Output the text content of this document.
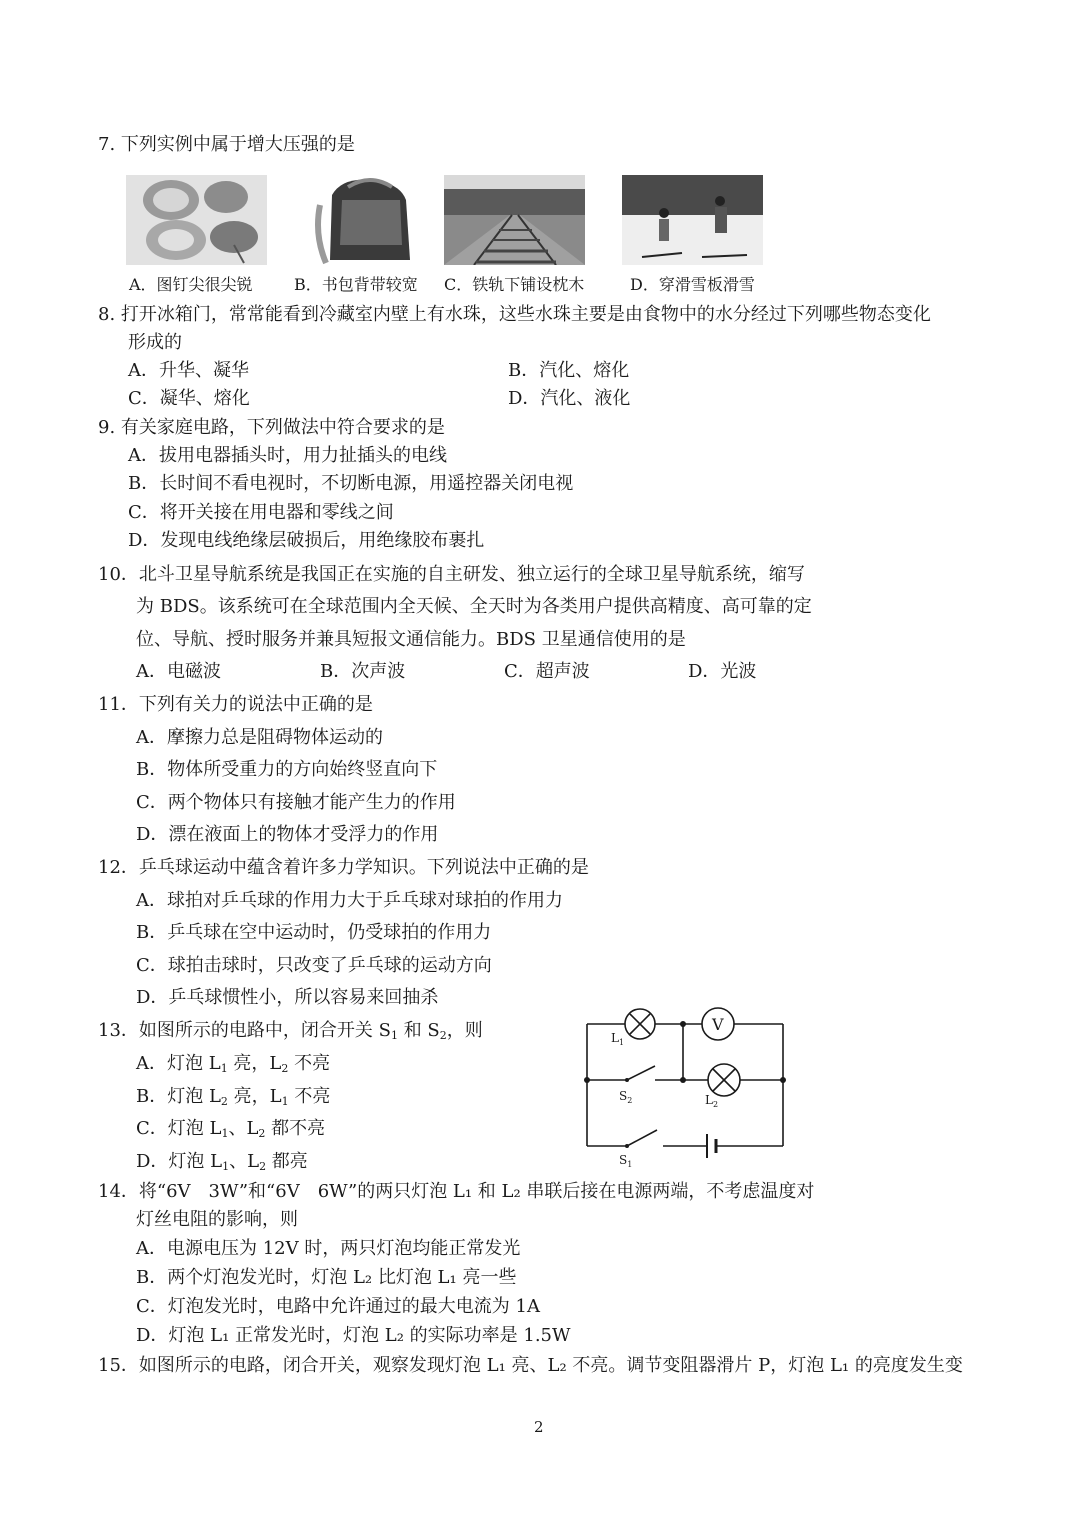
7. 下列实例中属于增大压强的是
A．图钉尖很尖锐	B．书包背带较宽 C．铁轨下铺设枕木	D．穿滑雪板滑雪
8. 打开冰箱门，常常能看到冷藏室内壁上有水珠，这些水珠主要是由食物中的水分经过下列哪些物态变化
形成的
A．升华、凝华	B．汽化、熔化
C．凝华、熔化	D．汽化、液化
9. 有关家庭电路，下列做法中符合要求的是
A．拔用电器插头时，用力扯插头的电线
B．长时间不看电视时，不切断电源，用遥控器关闭电视
C．将开关接在用电器和零线之间
D．发现电线绝缘层破损后，用绝缘胶布裹扎
10．北斗卫星导航系统是我国正在实施的自主研发、独立运行的全球卫星导航系统，缩写
为 BDS。该系统可在全球范围内全天候、全天时为各类用户提供高精度、高可靠的定
位、导航、授时服务并兼具短报文通信能力。BDS 卫星通信使用的是
A．电磁波	B．次声波	C．超声波	D．光波
11．下列有关力的说法中正确的是
A．摩擦力总是阻碍物体运动的
B．物体所受重力的方向始终竖直向下
C．两个物体只有接触才能产生力的作用
D．漂在液面上的物体才受浮力的作用
12．乒乓球运动中蕴含着许多力学知识。下列说法中正确的是
A．球拍对乒乓球的作用力大于乒乓球对球拍的作用力
B．乒乓球在空中运动时，仍受球拍的作用力
C．球拍击球时，只改变了乒乓球的运动方向
D．乒乓球惯性小，所以容易来回抽杀
13．如图所示的电路中，闭合开关 $S_1$ 和 $S_2$，则
A．灯泡 $L_1$ 亮，$L_2$ 不亮
B．灯泡 $L_2$ 亮，$L_1$ 不亮
C．灯泡 $L_1$、$L_2$ 都不亮
D．灯泡 $L_1$、$L_2$ 都亮
V
$L_1$
$L_2$
$S_2$
$S_1$
14．将“6V　3W”和“6V　6W”的两只灯泡 L₁ 和 L₂ 串联后接在电源两端，不考虑温度对
灯丝电阻的影响，则
A．电源电压为 12V 时，两只灯泡均能正常发光
B．两个灯泡发光时，灯泡 L₂ 比灯泡 L₁ 亮一些
C．灯泡发光时，电路中允许通过的最大电流为 1A
D．灯泡 L₁ 正常发光时，灯泡 L₂ 的实际功率是 1.5W
15．如图所示的电路，闭合开关，观察发现灯泡 L₁ 亮、L₂ 不亮。调节变阻器滑片 P，灯泡 L₁ 的亮度发生变
2
